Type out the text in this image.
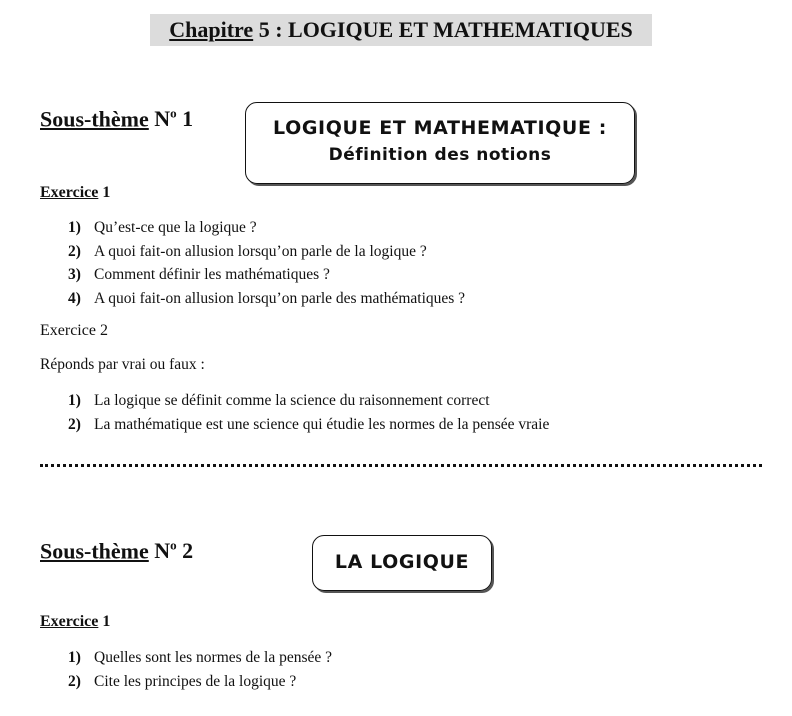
Chapitre 5 : LOGIQUE ET MATHEMATIQUES
Sous-thème $N^o$ 1	LOGIQUE ET MATHEMATIQUE :
Définition des notions
Exercice 1
1) Qu’est-ce que la logique ?
2) A quoi fait-on allusion lorsqu’on parle de la logique ?
3) Comment définir les mathématiques ?
4) A quoi fait-on allusion lorsqu’on parle des mathématiques ?
Exercice 2
Réponds par vrai ou faux :
1) La logique se définit comme la science du raisonnement correct
2) La mathématique est une science qui étudie les normes de la pensée vraie
Sous-thème $N^o$ 2	LA LOGIQUE
Exercice 1
1) Quelles sont les normes de la pensée ?
2) Cite les principes de la logique ?
